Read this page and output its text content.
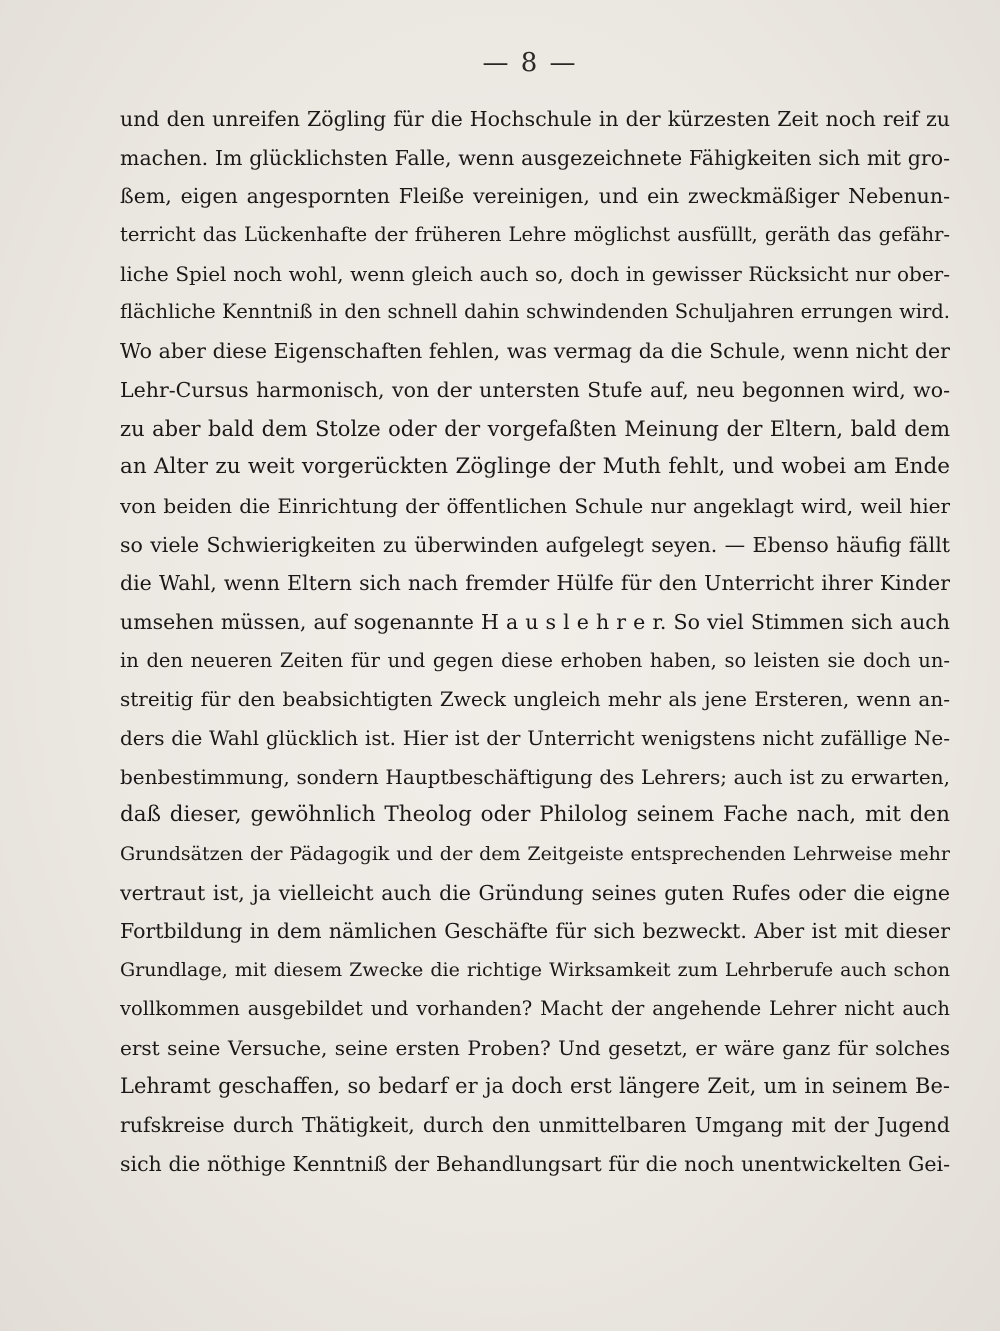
— 8 —
und den unreifen Zögling für die Hochschule in der kürzesten Zeit noch reif zu
machen. Im glücklichsten Falle, wenn ausgezeichnete Fähigkeiten sich mit gro-
ßem, eigen angespornten Fleiße vereinigen, und ein zweckmäßiger Nebenun-
terricht das Lückenhafte der früheren Lehre möglichst ausfüllt, geräth das gefähr-
liche Spiel noch wohl, wenn gleich auch so, doch in gewisser Rücksicht nur ober-
flächliche Kenntniß in den schnell dahin schwindenden Schuljahren errungen wird.
Wo aber diese Eigenschaften fehlen, was vermag da die Schule, wenn nicht der
Lehr-Cursus harmonisch, von der untersten Stufe auf, neu begonnen wird, wo-
zu aber bald dem Stolze oder der vorgefaßten Meinung der Eltern, bald dem
an Alter zu weit vorgerückten Zöglinge der Muth fehlt, und wobei am Ende
von beiden die Einrichtung der öffentlichen Schule nur angeklagt wird, weil hier
so viele Schwierigkeiten zu überwinden aufgelegt seyen. — Ebenso häufig fällt
die Wahl, wenn Eltern sich nach fremder Hülfe für den Unterricht ihrer Kinder
umsehen müssen, auf sogenannte H a u s l e h r e r. So viel Stimmen sich auch
in den neueren Zeiten für und gegen diese erhoben haben, so leisten sie doch un-
streitig für den beabsichtigten Zweck ungleich mehr als jene Ersteren, wenn an-
ders die Wahl glücklich ist. Hier ist der Unterricht wenigstens nicht zufällige Ne-
benbestimmung, sondern Hauptbeschäftigung des Lehrers; auch ist zu erwarten,
daß dieser, gewöhnlich Theolog oder Philolog seinem Fache nach, mit den
Grundsätzen der Pädagogik und der dem Zeitgeiste entsprechenden Lehrweise mehr
vertraut ist, ja vielleicht auch die Gründung seines guten Rufes oder die eigne
Fortbildung in dem nämlichen Geschäfte für sich bezweckt. Aber ist mit dieser
Grundlage, mit diesem Zwecke die richtige Wirksamkeit zum Lehrberufe auch schon
vollkommen ausgebildet und vorhanden? Macht der angehende Lehrer nicht auch
erst seine Versuche, seine ersten Proben? Und gesetzt, er wäre ganz für solches
Lehramt geschaffen, so bedarf er ja doch erst längere Zeit, um in seinem Be-
rufskreise durch Thätigkeit, durch den unmittelbaren Umgang mit der Jugend
sich die nöthige Kenntniß der Behandlungsart für die noch unentwickelten Gei-
